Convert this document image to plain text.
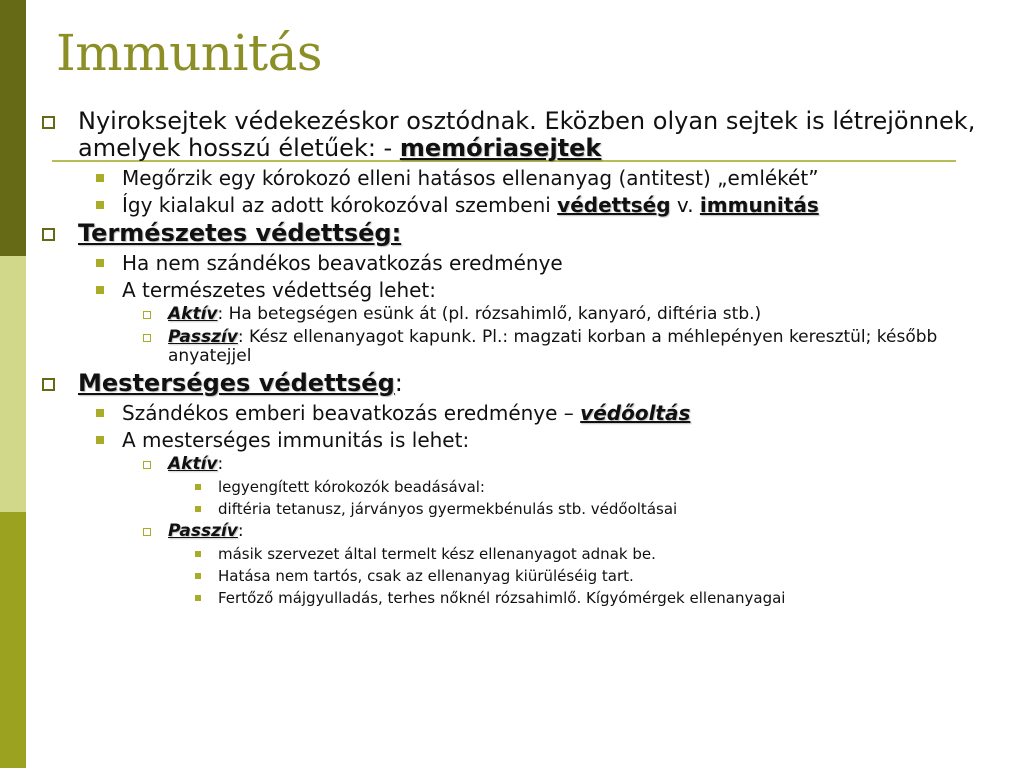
Immunitás
Nyiroksejtek védekezéskor osztódnak. Eközben olyan sejtek is létrejönnek, amelyek hosszú életűek: - memóriasejtek
Megőrzik egy kórokozó elleni hatásos ellenanyag (antitest) „emlékét”
Így kialakul az adott kórokozóval szembeni védettség v. immunitás
Természetes védettség:
Ha nem szándékos beavatkozás eredménye
A természetes védettség lehet:
Aktív: Ha betegségen esünk át (pl. rózsahimlő, kanyaró, diftéria stb.)
Passzív: Kész ellenanyagot kapunk. Pl.: magzati korban a méhlepényen keresztül; később anyatejjel
Mesterséges védettség:
Szándékos emberi beavatkozás eredménye – védőoltás
A mesterséges immunitás is lehet:
Aktív:
legyengített kórokozók beadásával:
diftéria tetanusz, járványos gyermekbénulás stb. védőoltásai
Passzív:
másik szervezet által termelt kész ellenanyagot adnak be.
Hatása nem tartós, csak az ellenanyag kiürüléséig tart.
Fertőző májgyulladás, terhes nőknél rózsahimlő. Kígyómérgek ellenanyagai
